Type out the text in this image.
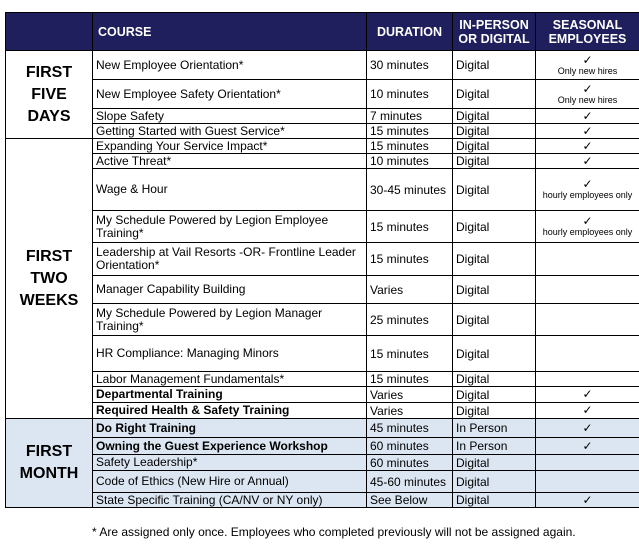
	COURSE	DURATION	IN-PERSON OR DIGITAL	SEASONAL EMPLOYEES
FIRST
FIVE
DAYS	New Employee Orientation*	30 minutes	Digital	✓
Only new hires

	New Employee Safety Orientation*	10 minutes	Digital	✓
Only new hires

	Slope Safety	7 minutes	Digital	✓
	Getting Started with Guest Service*	15 minutes	Digital	✓
FIRST
TWO
WEEKS	Expanding Your Service Impact*	15 minutes	Digital	✓
	Active Threat*	10 minutes	Digital	✓
	Wage & Hour	30-45 minutes	Digital	✓
hourly employees only

	My Schedule Powered by Legion Employee Training*	15 minutes	Digital	✓
hourly employees only

	Leadership at Vail Resorts -OR- Frontline Leader Orientation*	15 minutes	Digital	
	Manager Capability Building	Varies	Digital	
	My Schedule Powered by Legion Manager Training*	25 minutes	Digital	
	HR Compliance: Managing Minors	15 minutes	Digital	
	Labor Management Fundamentals*	15 minutes	Digital	
	Departmental Training	Varies	Digital	✓
	Required Health & Safety Training	Varies	Digital	✓
FIRST
MONTH	Do Right Training	45 minutes	In Person	✓
	Owning the Guest Experience Workshop	60 minutes	In Person	✓
	Safety Leadership*	60 minutes	Digital	
	Code of Ethics (New Hire or Annual)	45-60 minutes	Digital	
	State Specific Training (CA/NV or NY only)	See Below	Digital	✓
* Are assigned only once. Employees who completed previously will not be assigned again.
